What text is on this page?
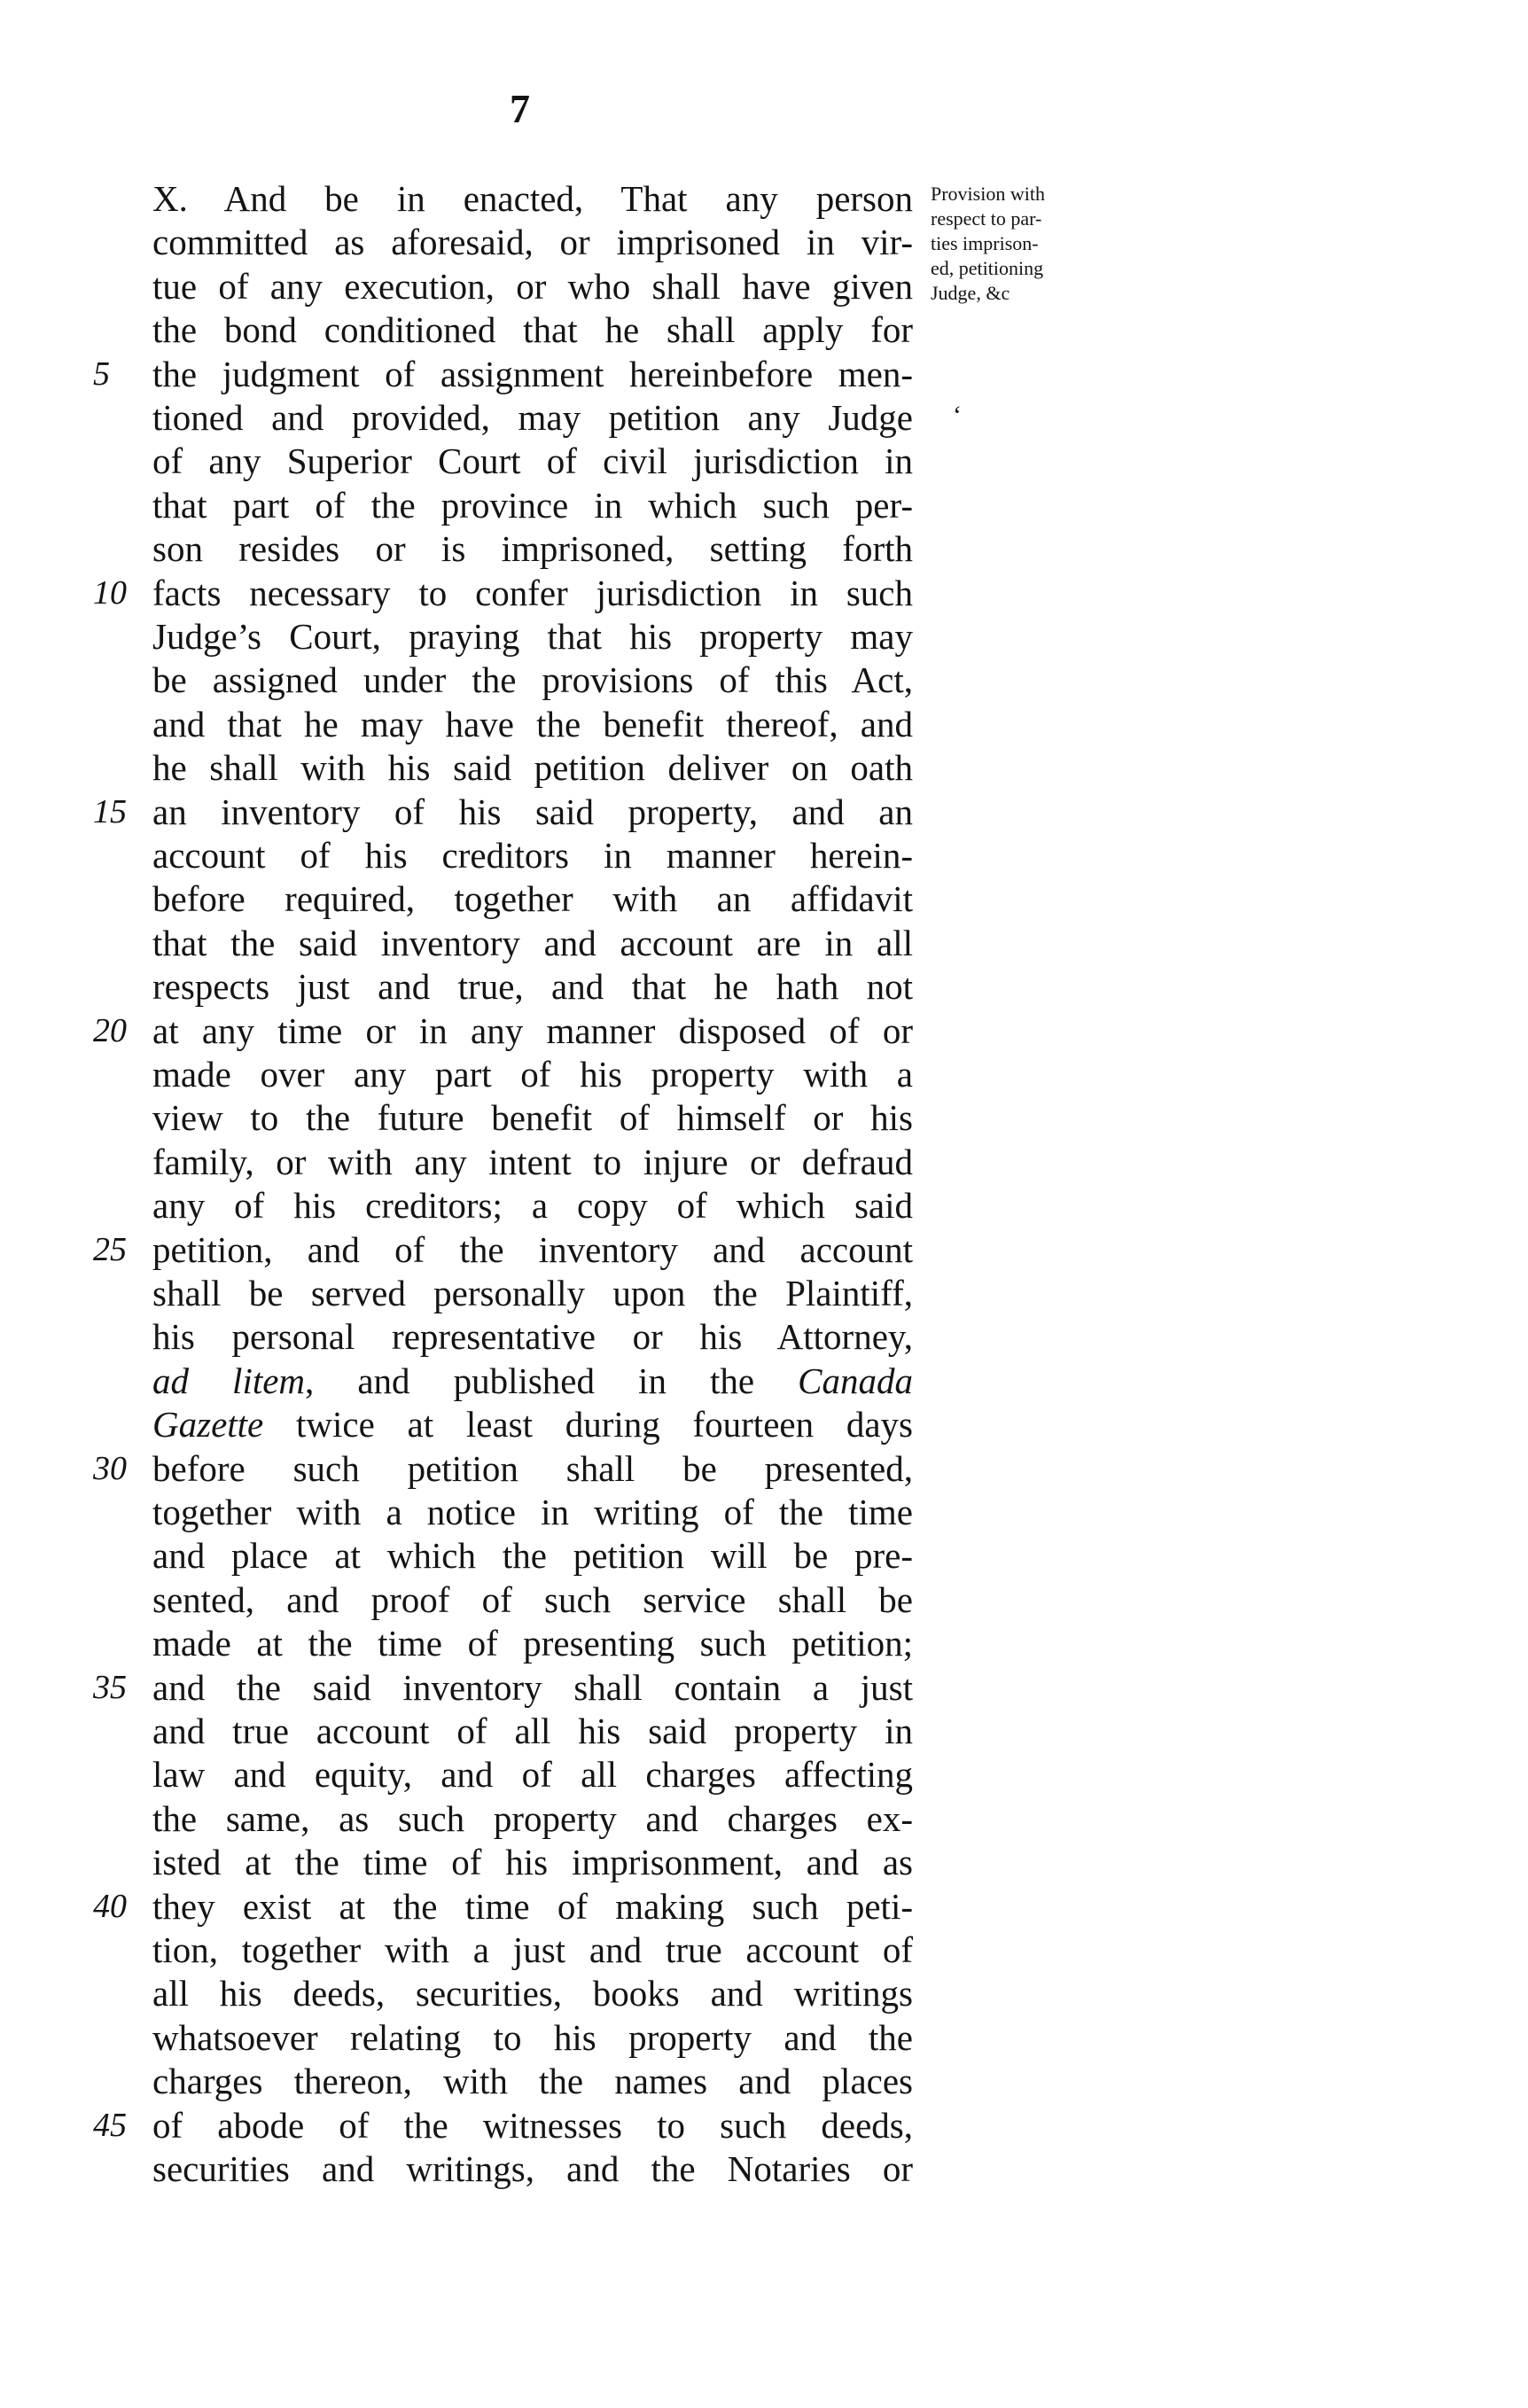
7
Provision with
respect to par-
ties imprison-
ed, petitioning
Judge, &c
‘
X. And be in enacted, That any person
committed as aforesaid, or imprisoned in vir-
tue of any execution, or who shall have given
the bond conditioned that he shall apply for
5	the judgment of assignment hereinbefore men-
tioned and provided, may petition any Judge
of any Superior Court of civil jurisdiction in
that part of the province in which such per-
son resides or is imprisoned, setting forth
10 facts necessary to confer jurisdiction in such
Judge’s Court, praying that his property may
be assigned under the provisions of this Act,
and that he may have the benefit thereof, and
he shall with his said petition deliver on oath
15 an inventory of his said property, and an
account of his creditors in manner herein-
before required, together with an affidavit
that the said inventory and account are in all
respects just and true, and that he hath not
20 at any time or in any manner disposed of or
made over any part of his property with a
view to the future benefit of himself or his
family, or with any intent to injure or defraud
any of his creditors; a copy of which said
25 petition, and of the inventory and account
shall be served personally upon the Plaintiff,
his personal representative or his Attorney,
ad litem, and published in the Canada
Gazette twice at least during fourteen days
30 before such petition shall be presented,
together with a notice in writing of the time
and place at which the petition will be pre-
sented, and proof of such service shall be
made at the time of presenting such petition;
35 and the said inventory shall contain a just
and true account of all his said property in
law and equity, and of all charges affecting
the same, as such property and charges ex-
isted at the time of his imprisonment, and as
40 they exist at the time of making such peti-
tion, together with a just and true account of
all his deeds, securities, books and writings
whatsoever relating to his property and the
charges thereon, with the names and places
45 of abode of the witnesses to such deeds,
securities and writings, and the Notaries or
